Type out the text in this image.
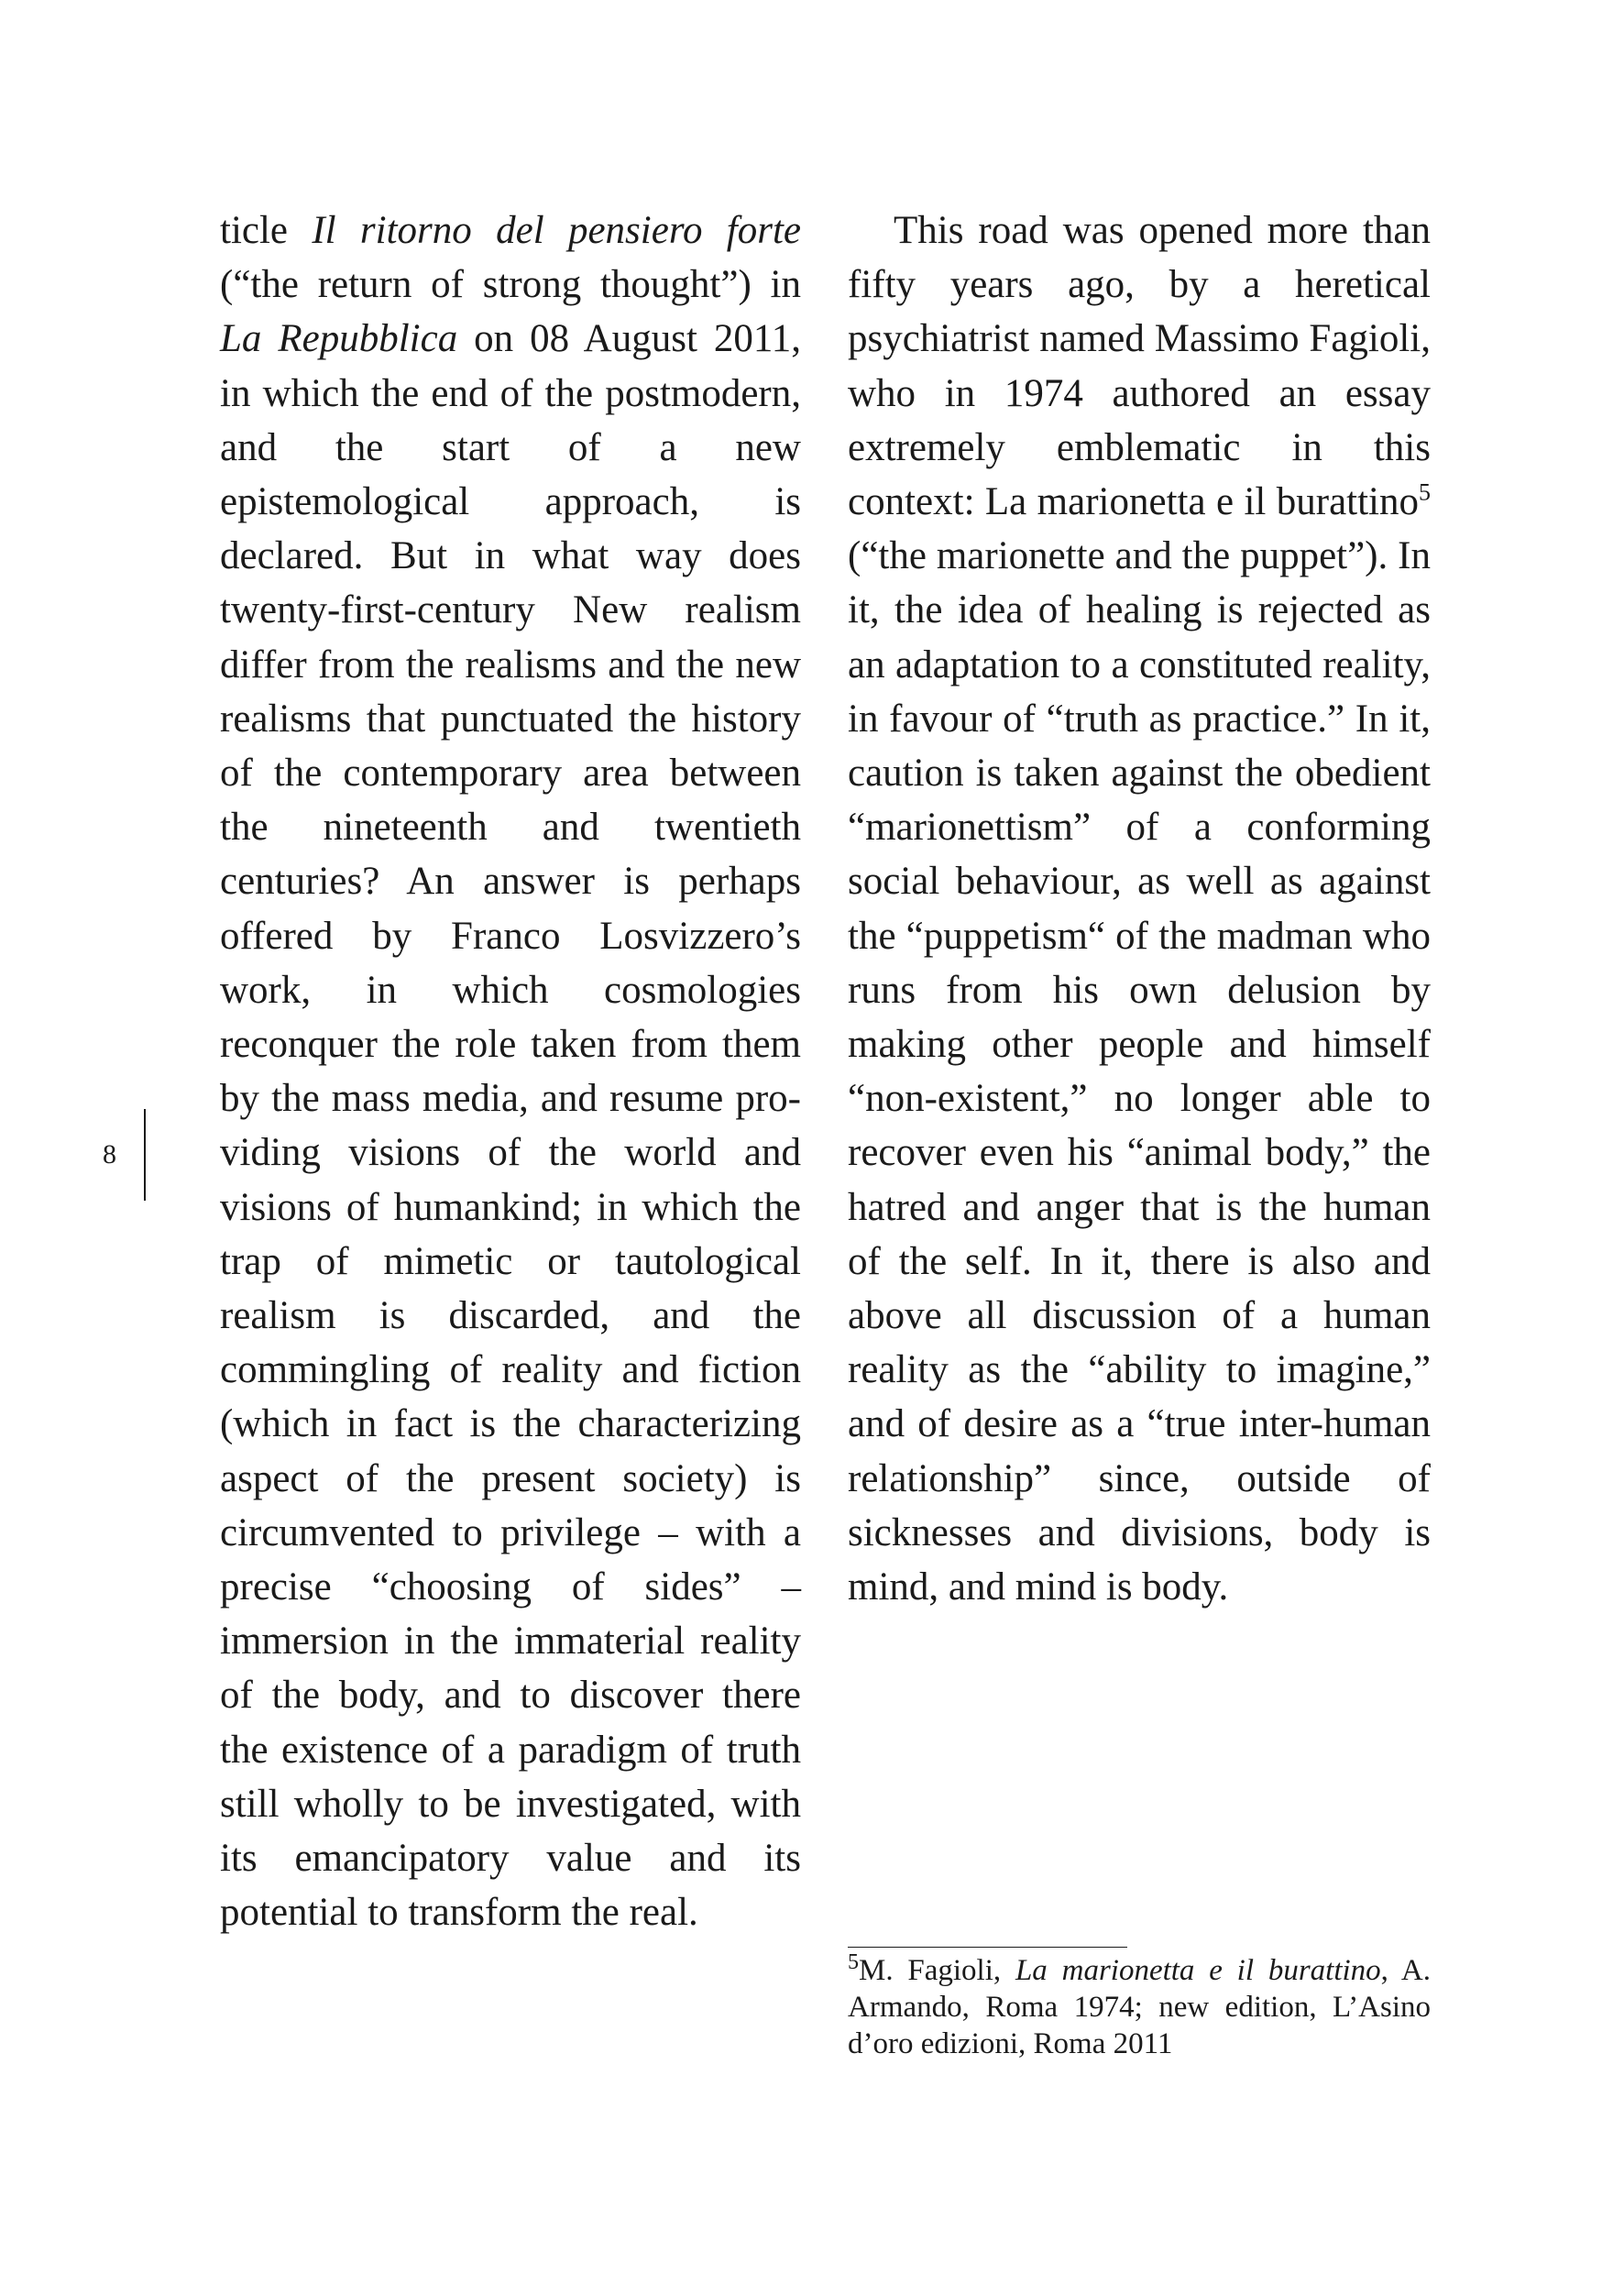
8

ticle Il ritorno del pensiero forte (“the return of strong thought”) in La Repubblica on 08 August 2011, in which the end of the postmodern, and the start of a new epistemological approach, is declared. But in what way does twenty-first-century New realism differ from the realisms and the new realisms that punctuated the history of the contemporary area between the nineteenth and twentieth centuries? An answer is perhaps offered by Franco Losvizzero’s work, in which cosmologies reconquer the role taken from them by the mass media, and resume providing visions of the world and visions of humankind; in which the trap of mimetic or tautological realism is discarded, and the commingling of reality and fiction (which in fact is the characterizing aspect of the present society) is circumvented to privilege – with a precise “choosing of sides” – immersion in the immaterial reality of the body, and to discover there the existence of a paradigm of truth still wholly to be investigated, with its emancipatory value and its potential to transform the real.

This road was opened more than fifty years ago, by a heretical psychiatrist named Massimo Fagioli, who in 1974 authored an essay extremely emblematic in this context: La marionetta e il burattino$^5$ (“the marionette and the puppet”). In it, the idea of healing is rejected as an adaptation to a constituted reality, in favour of “truth as practice.” In it, caution is taken against the obedient “marionettism” of a conforming social behaviour, as well as against the “puppetism“ of the madman who runs from his own delusion by making other people and himself “non-existent,” no longer able to recover even his “animal body,” the hatred and anger that is the human of the self. In it, there is also and above all discussion of a human reality as the “ability to imagine,” and of desire as a “true inter-human relationship” since, outside of sicknesses and divisions, body is mind, and mind is body.

$^5$M. Fagioli, La marionetta e il burattino, A. Armando, Roma 1974; new edition, L’Asino d’oro edizioni, Roma 2011
